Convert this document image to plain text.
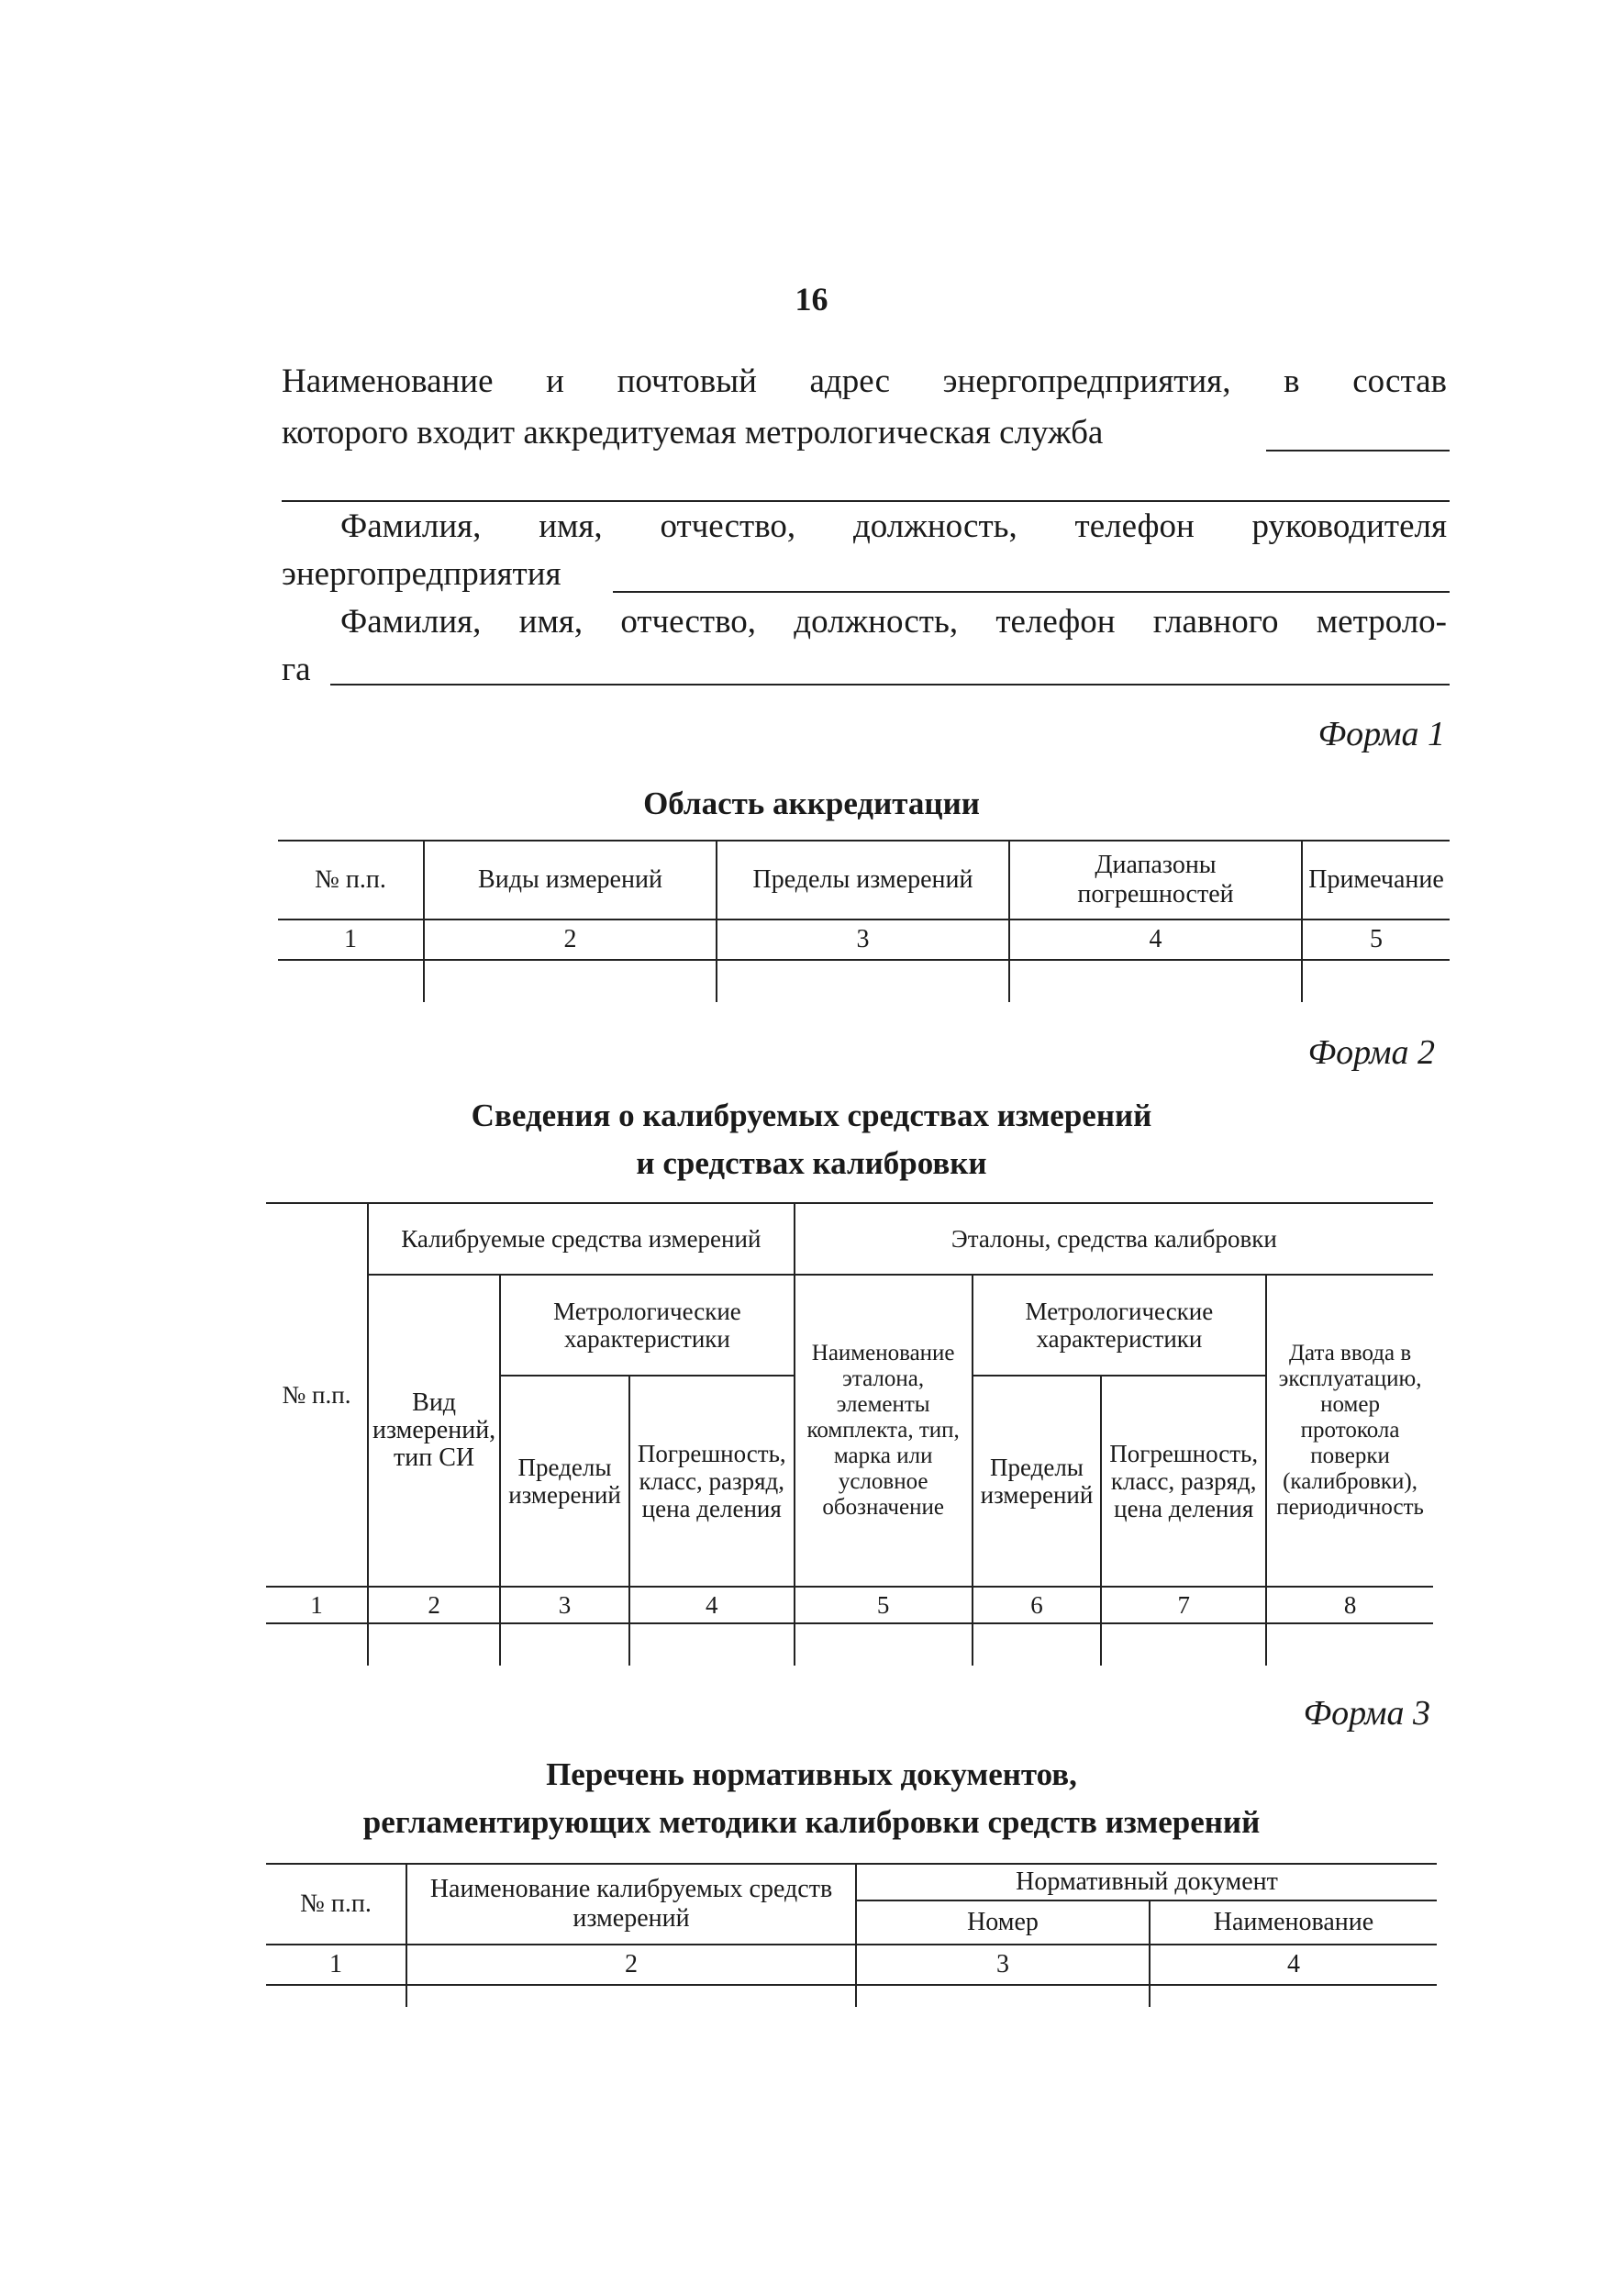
16
Наименование и почтовый адрес энергопредприятия, в состав
которого входит аккредитуемая метрологическая служба
Фамилия, имя, отчество, должность, телефон руководителя
энергопредприятия
Фамилия, имя, отчество, должность, телефон главного метроло-
га
Форма 1
Область аккредитации
№ п.п.	Виды измерений	Пределы измерений	Диапазоны погрешностей	Примечание
1	2	3	4	5

Форма 2
Сведения о калибруемых средствах измерений
и средствах калибровки
№ п.п.	Калибруемые средства измерений			Эталоны, средства калибровки			
	Вид измерений, тип СИ	Метрологические характеристики		Наименование эталона, элементы комплекта, тип, марка или условное обозначение	Метрологические характеристики		Дата ввода в эксплуатацию, номер протокола поверки (калибровки), периодичность
		Пределы измерений	Погрешность, класс, разряд, цена деления		Пределы измерений	Погрешность, класс, разряд, цена деления	
1	2	3	4	5	6	7	8

Форма 3
Перечень нормативных документов,
регламентирующих методики калибровки средств измерений
№ п.п.	Наименование калибруемых средств измерений	Нормативный документ	
		Номер	Наименование
1	2	3	4
